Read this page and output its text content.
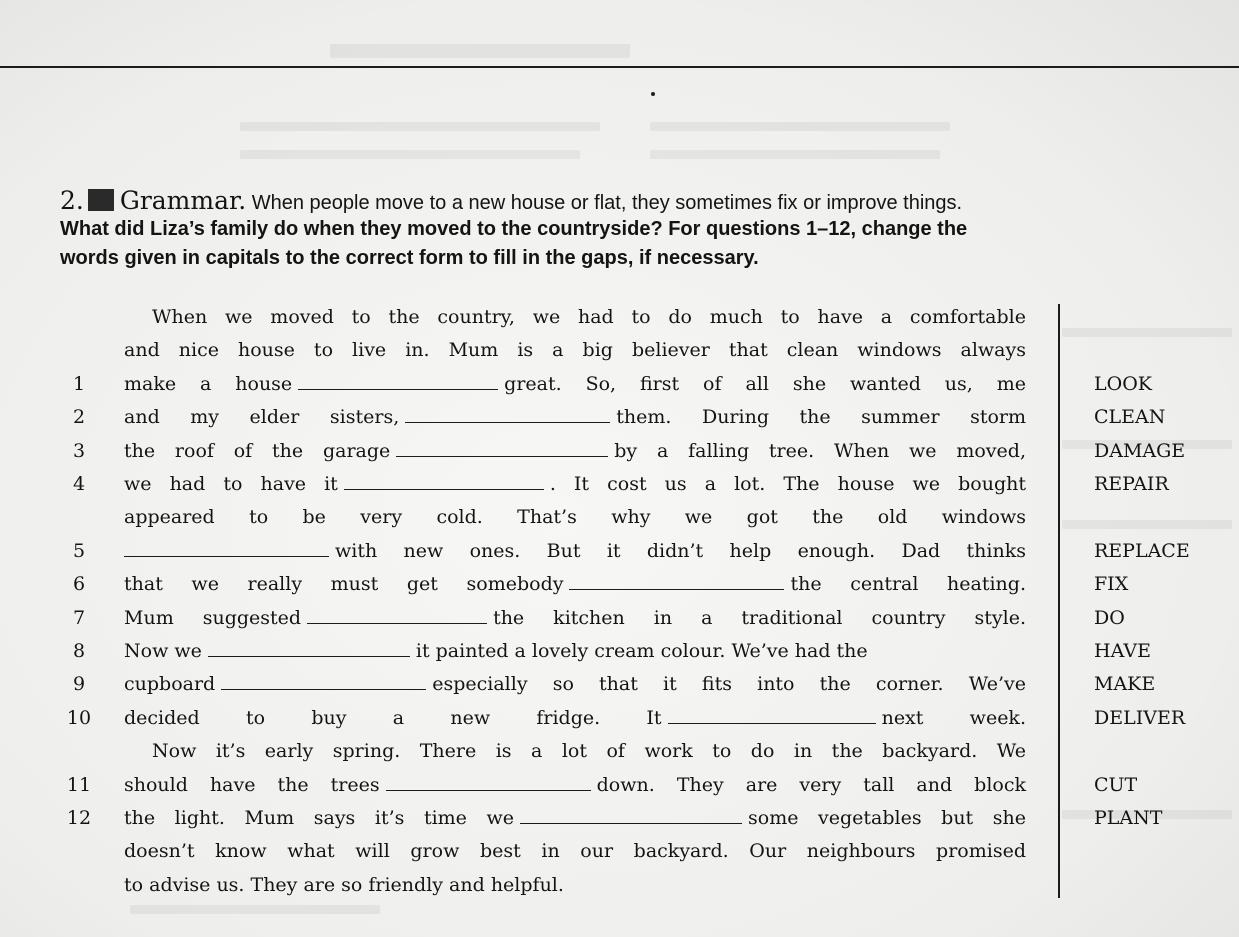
2. Grammar. When people move to a new house or flat, they sometimes fix or improve things.
What did Liza’s family do when they moved to the countryside? For questions 1–12, change the
words given in capitals to the correct form to fill in the gaps, if necessary.
When we moved to the country, we had to do much to have a comfortable
and nice house to live in. Mum is a big believer that clean windows always
1	make a house	great. So, first of all she wanted us, me	LOOK
2	and my elder sisters,	them. During the summer storm	CLEAN
3	the roof of the garage	by a falling tree. When we moved,	DAMAGE
4	we had to have it	. It cost us a lot. The house we bought	REPAIR
appeared to be very cold. That’s why we got the old windows
5	with new ones. But it didn’t help enough. Dad thinks	REPLACE
6	that we really must get somebody	the central heating.	FIX
7	Mum suggested	the kitchen in a traditional country style.	DO
8	Now we	it painted a lovely cream colour. We’ve had the	HAVE
9	cupboard	especially so that it fits into the corner. We’ve	MAKE
10 decided to buy a new fridge. It	next week.	DELIVER
Now it’s early spring. There is a lot of work to do in the backyard. We
11 should have the trees	down. They are very tall and block	CUT
12 the light. Mum says it’s time we	some vegetables but she	PLANT
doesn’t know what will grow best in our backyard. Our neighbours promised
to advise us. They are so friendly and helpful.
